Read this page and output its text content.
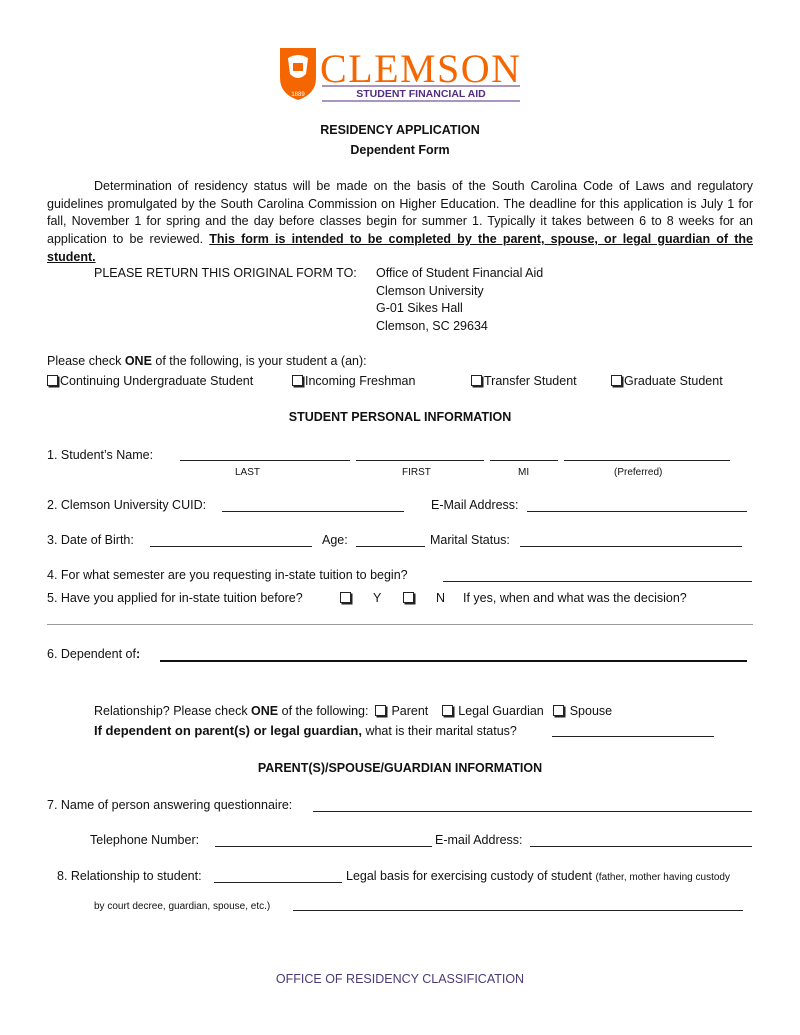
1889
CLEMSON
STUDENT FINANCIAL AID
RESIDENCY APPLICATION
Dependent Form
Determination of residency status will be made on the basis of the South Carolina Code of Laws and regulatory guidelines promulgated by the South Carolina Commission on Higher Education. The deadline for this application is July 1 for fall, November 1 for spring and the day before classes begin for summer 1. Typically it takes between 6 to 8 weeks for an application to be reviewed. This form is intended to be completed by the parent, spouse, or legal guardian of the student.
PLEASE RETURN THIS ORIGINAL FORM TO: Office of Student Financial Aid
Clemson University
G-01 Sikes Hall
Clemson, SC 29634
Please check ONE of the following, is your student a (an):
Continuing Undergraduate Student	Incoming Freshman	Transfer Student	Graduate Student
STUDENT PERSONAL INFORMATION
1. Student’s Name:
LAST	FIRST	MI	(Preferred)
2. Clemson University CUID:	E-Mail Address:
3. Date of Birth:	Age:	Marital Status:
4. For what semester are you requesting in-state tuition to begin?
5. Have you applied for in-state tuition before?	Y	N If yes, when and what was the decision?
6. Dependent of:
Relationship? Please check ONE of the following: Parent Legal Guardian Spouse
If dependent on parent(s) or legal guardian, what is their marital status?
PARENT(S)/SPOUSE/GUARDIAN INFORMATION
7. Name of person answering questionnaire:
Telephone Number:	E-mail Address:
8. Relationship to student:	Legal basis for exercising custody of student (father, mother having custody
by court decree, guardian, spouse, etc.)
OFFICE OF RESIDENCY CLASSIFICATION
